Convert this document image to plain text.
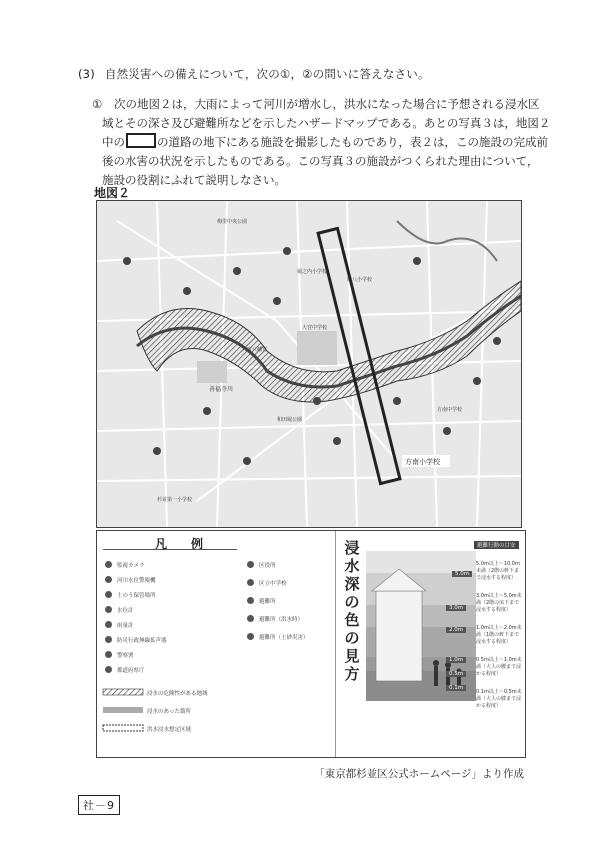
(3) 自然災害への備えについて，次の①，②の問いに答えなさい。
①	次の地図２は，大雨によって河川が増水し，洪水になった場合に予想される浸水区
域とその深さ及び避難所などを示したハザードマップである。あとの写真３は，地図２
中の	の道路の地下にある施設を撮影したものであり，表２は，この施設の完成前
後の水害の状況を示したものである。この写真３の施設がつくられた理由について，
施設の役割にふれて説明しなさい。
地図２
梅里中央公園
堀之内小学校
塩八小学校
大宮中学校
大宮八幡宮
和田堀公園
杉並第一小学校
方南中学校
善福寺川
方南小学校
凡　例
監視カメラ
河川水位警報機
土のう保管場所
水位計
雨量計
防災行政無線拡声器
警察署
都道府県庁
浸水の危険性がある地域
浸水のあった箇所
洪水浸水想定区域
区役所
区立中学校
避難所
避難所（洪水時）
避難所（土砂災害）
浸水深の色の見方
5.0m
3.0m
2.0m
1.0m
0.5m
0.1m
避難行動の目安
5.0m以上～10.0m未満（2階の軒下まで浸水する程度）
3.0m以上～5.0m未満（2階の床下まで浸水する程度）
1.0m以上～2.0m未満（1階の軒下まで浸水する程度）
0.5m以上～1.0m未満（大人の腰まで浸かる程度）
0.1m以上～0.5m未満（大人の膝まで浸かる程度）
「東京都杉並区公式ホームページ」より作成
社－9
